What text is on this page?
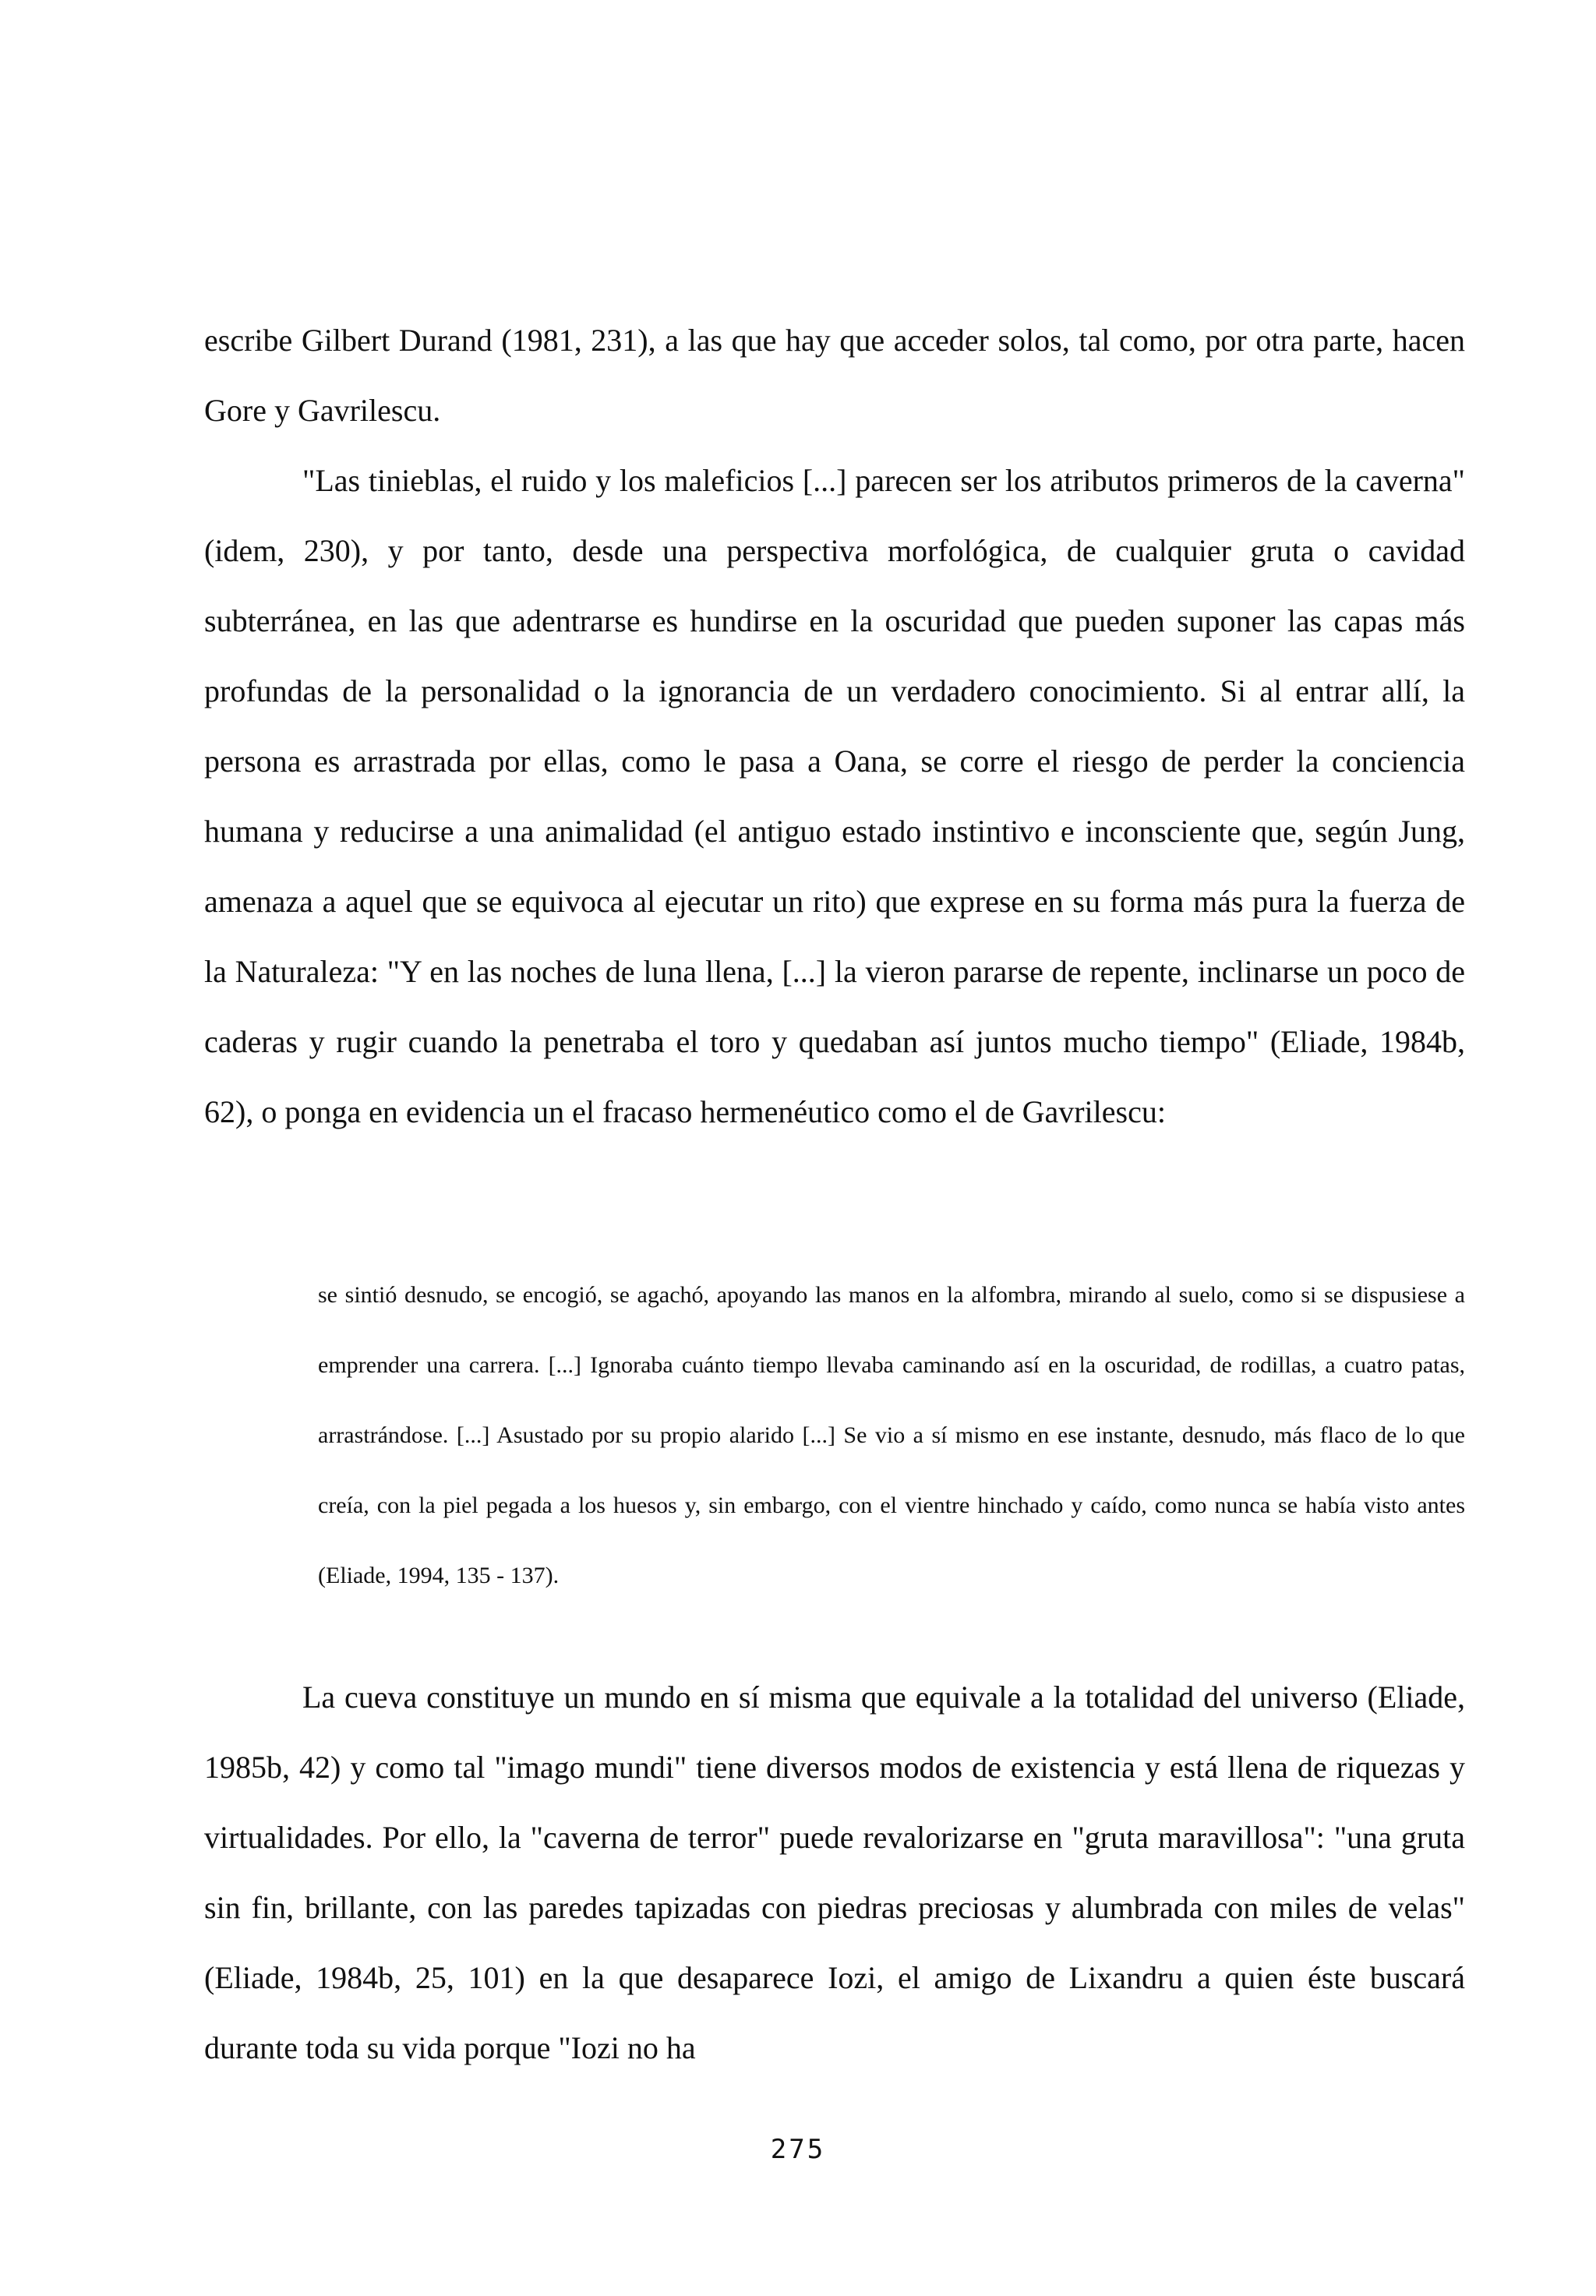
escribe Gilbert Durand (1981, 231), a las que hay que acceder solos, tal como, por otra parte, hacen Gore y Gavrilescu.

"Las tinieblas, el ruido y los maleficios [...] parecen ser los atributos primeros de la caverna" (idem, 230), y por tanto, desde una perspectiva morfológica, de cualquier gruta o cavidad subterránea, en las que adentrarse es hundirse en la oscuridad que pueden suponer las capas más profundas de la personalidad o la ignorancia de un verdadero conocimiento. Si al entrar allí, la persona es arrastrada por ellas, como le pasa a Oana, se corre el riesgo de perder la conciencia humana y reducirse a una animalidad (el antiguo estado instintivo e inconsciente que, según Jung, amenaza a aquel que se equivoca al ejecutar un rito) que exprese en su forma más pura la fuerza de la Naturaleza: "Y en las noches de luna llena, [...] la vieron pararse de repente, inclinarse un poco de caderas y rugir cuando la penetraba el toro y quedaban así juntos mucho tiempo" (Eliade, 1984b, 62), o ponga en evidencia un el fracaso hermenéutico como el de Gavrilescu:

se sintió desnudo, se encogió, se agachó, apoyando las manos en la alfombra, mirando al suelo, como si se dispusiese a emprender una carrera. [...] Ignoraba cuánto tiempo llevaba caminando así en la oscuridad, de rodillas, a cuatro patas, arrastrándose. [...] Asustado por su propio alarido [...] Se vio a sí mismo en ese instante, desnudo, más flaco de lo que creía, con la piel pegada a los huesos y, sin embargo, con el vientre hinchado y caído, como nunca se había visto antes (Eliade, 1994, 135 - 137).

La cueva constituye un mundo en sí misma que equivale a la totalidad del universo (Eliade, 1985b, 42) y como tal "imago mundi" tiene diversos modos de existencia y está llena de riquezas y virtualidades. Por ello, la "caverna de terror" puede revalorizarse en "gruta maravillosa": "una gruta sin fin, brillante, con las paredes tapizadas con piedras preciosas y alumbrada con miles de velas" (Eliade, 1984b, 25, 101) en la que desaparece Iozi, el amigo de Lixandru a quien éste buscará durante toda su vida porque "Iozi no ha

275
